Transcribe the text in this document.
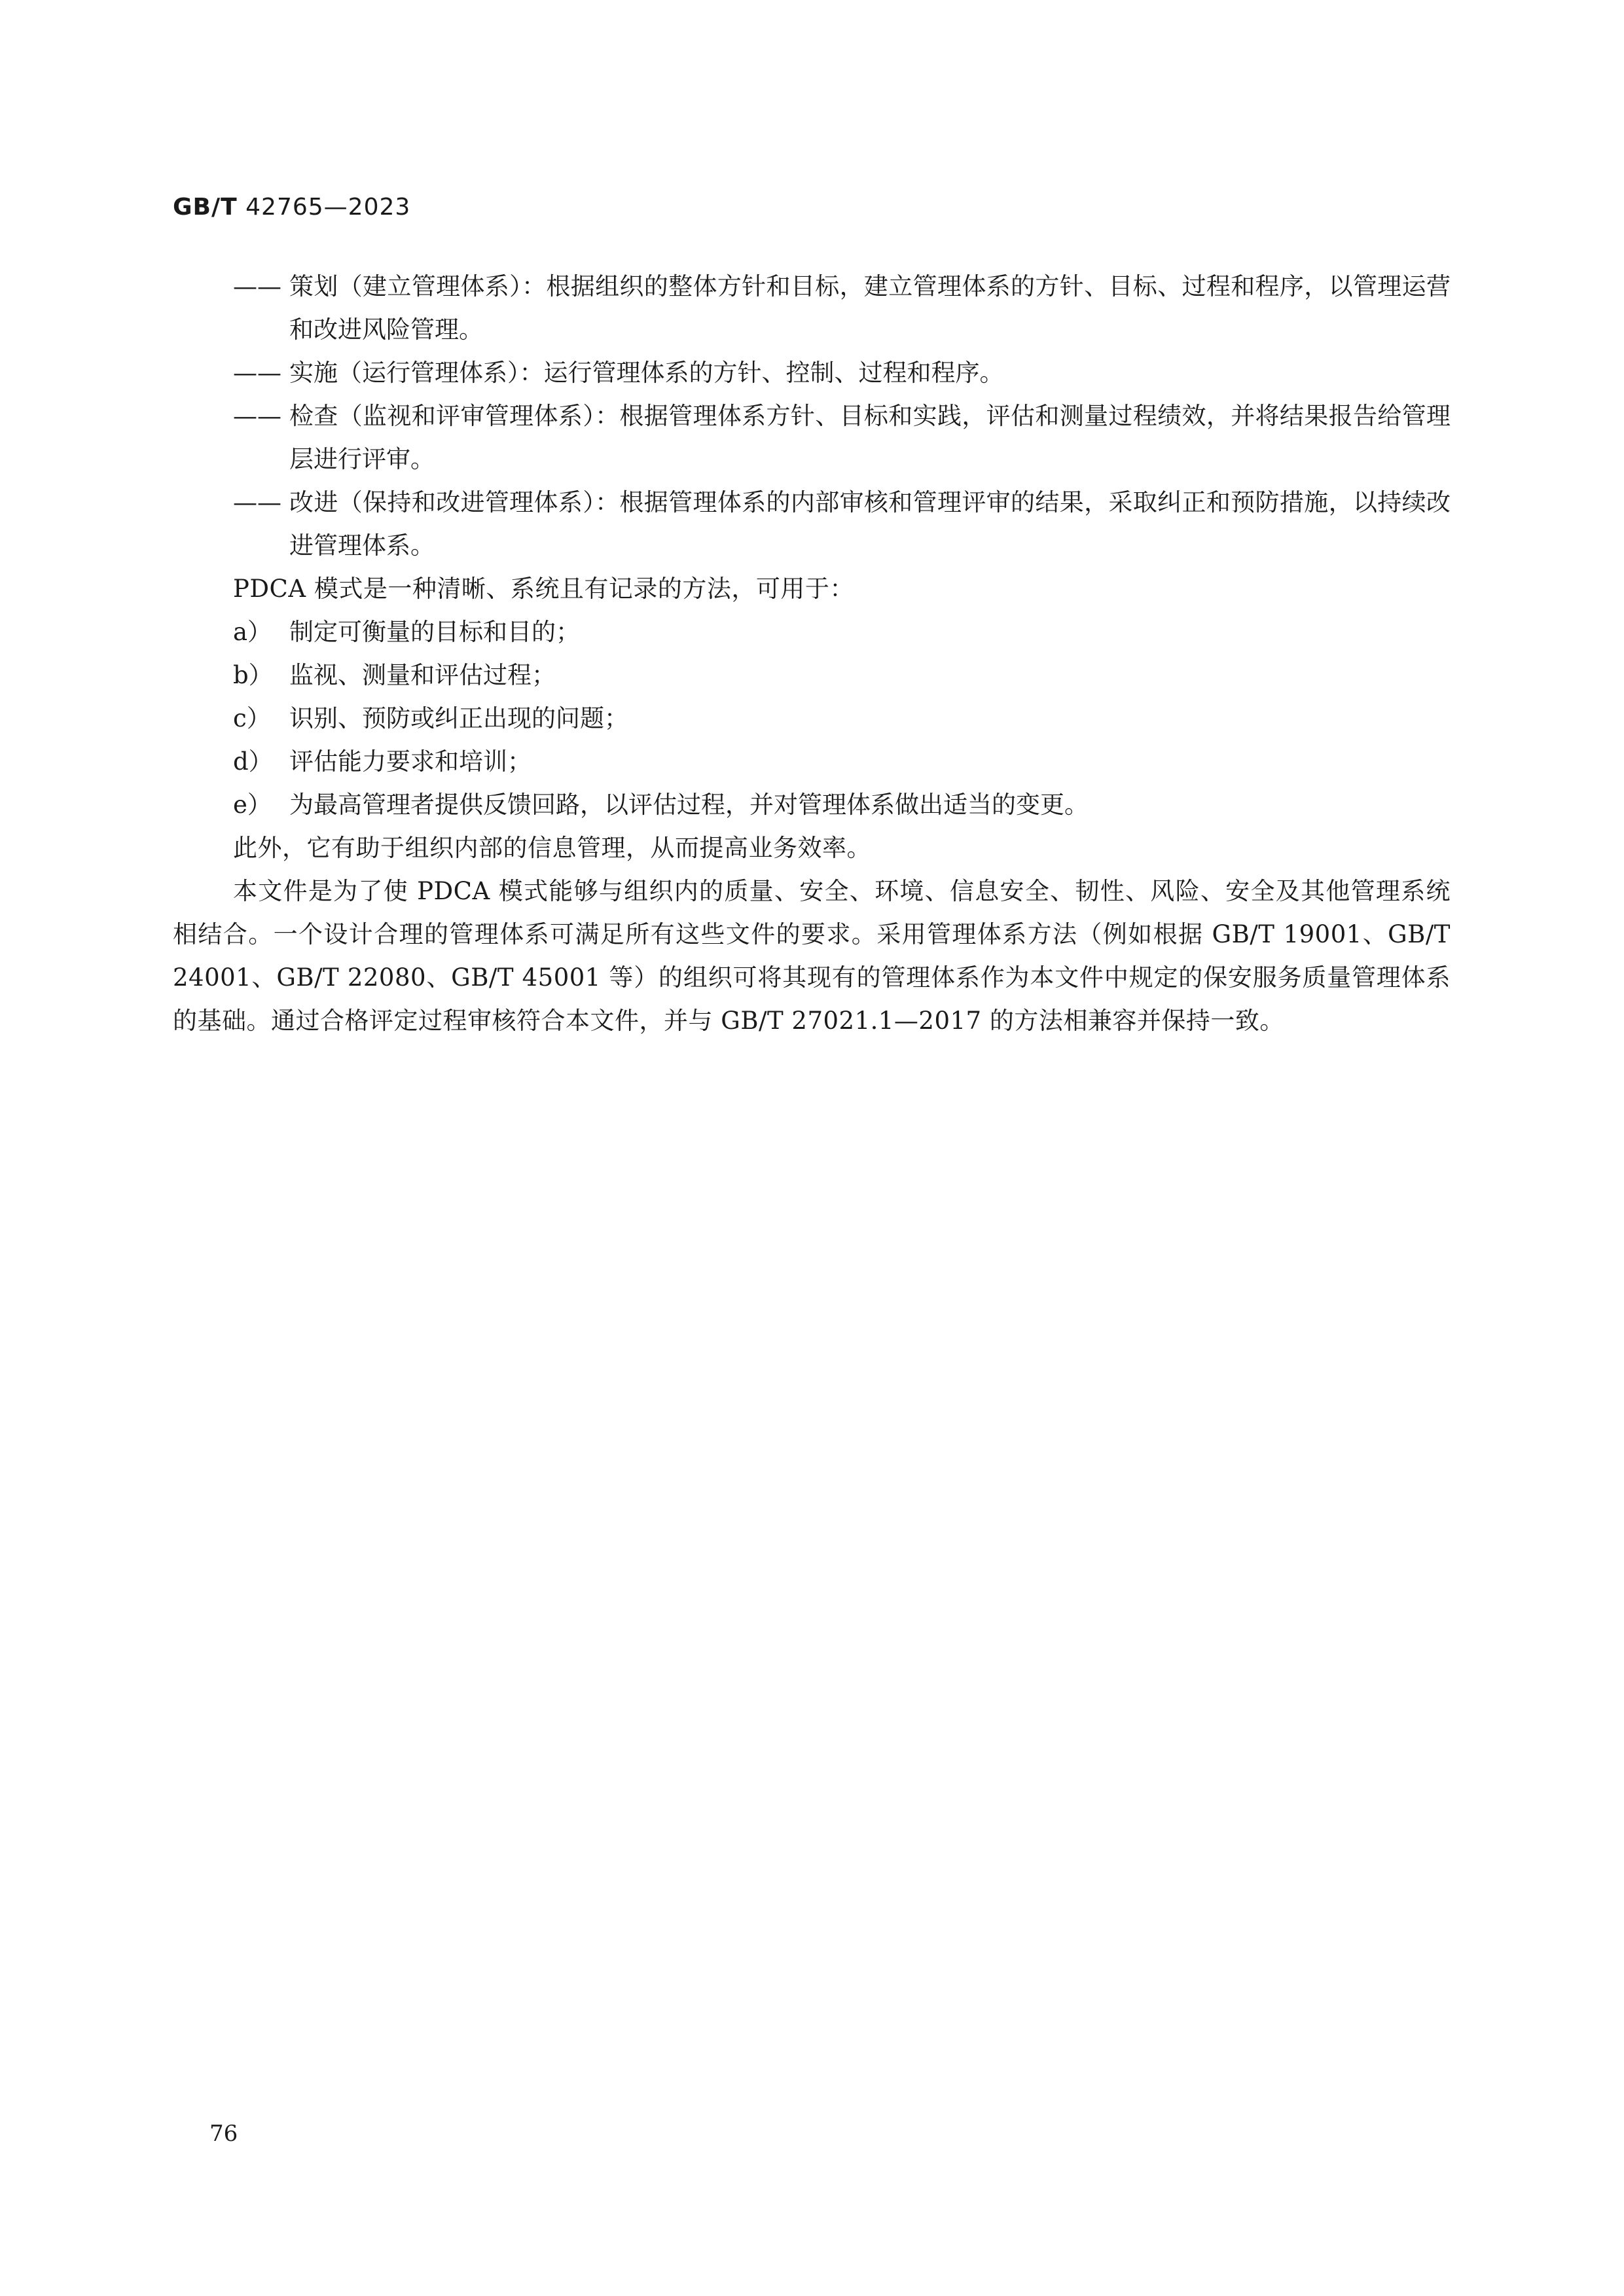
GB/T 42765—2023
—— 策划（建立管理体系）：根据组织的整体方针和目标，建立管理体系的方针、目标、过程和程序，以管理运营和改进风险管理。
—— 实施（运行管理体系）：运行管理体系的方针、控制、过程和程序。
—— 检查（监视和评审管理体系）：根据管理体系方针、目标和实践，评估和测量过程绩效，并将结果报告给管理层进行评审。
—— 改进（保持和改进管理体系）：根据管理体系的内部审核和管理评审的结果，采取纠正和预防措施，以持续改进管理体系。
PDCA 模式是一种清晰、系统且有记录的方法，可用于：
a） 制定可衡量的目标和目的；
b） 监视、测量和评估过程；
c） 识别、预防或纠正出现的问题；
d） 评估能力要求和培训；
e） 为最高管理者提供反馈回路，以评估过程，并对管理体系做出适当的变更。
此外，它有助于组织内部的信息管理，从而提高业务效率。
本文件是为了使 PDCA 模式能够与组织内的质量、安全、环境、信息安全、韧性、风险、安全及其他管理系统相结合。一个设计合理的管理体系可满足所有这些文件的要求。采用管理体系方法（例如根据 GB/T 19001、GB/T 24001、GB/T 22080、GB/T 45001 等）的组织可将其现有的管理体系作为本文件中规定的保安服务质量管理体系的基础。通过合格评定过程审核符合本文件，并与 GB/T 27021.1—2017 的方法相兼容并保持一致。
76
